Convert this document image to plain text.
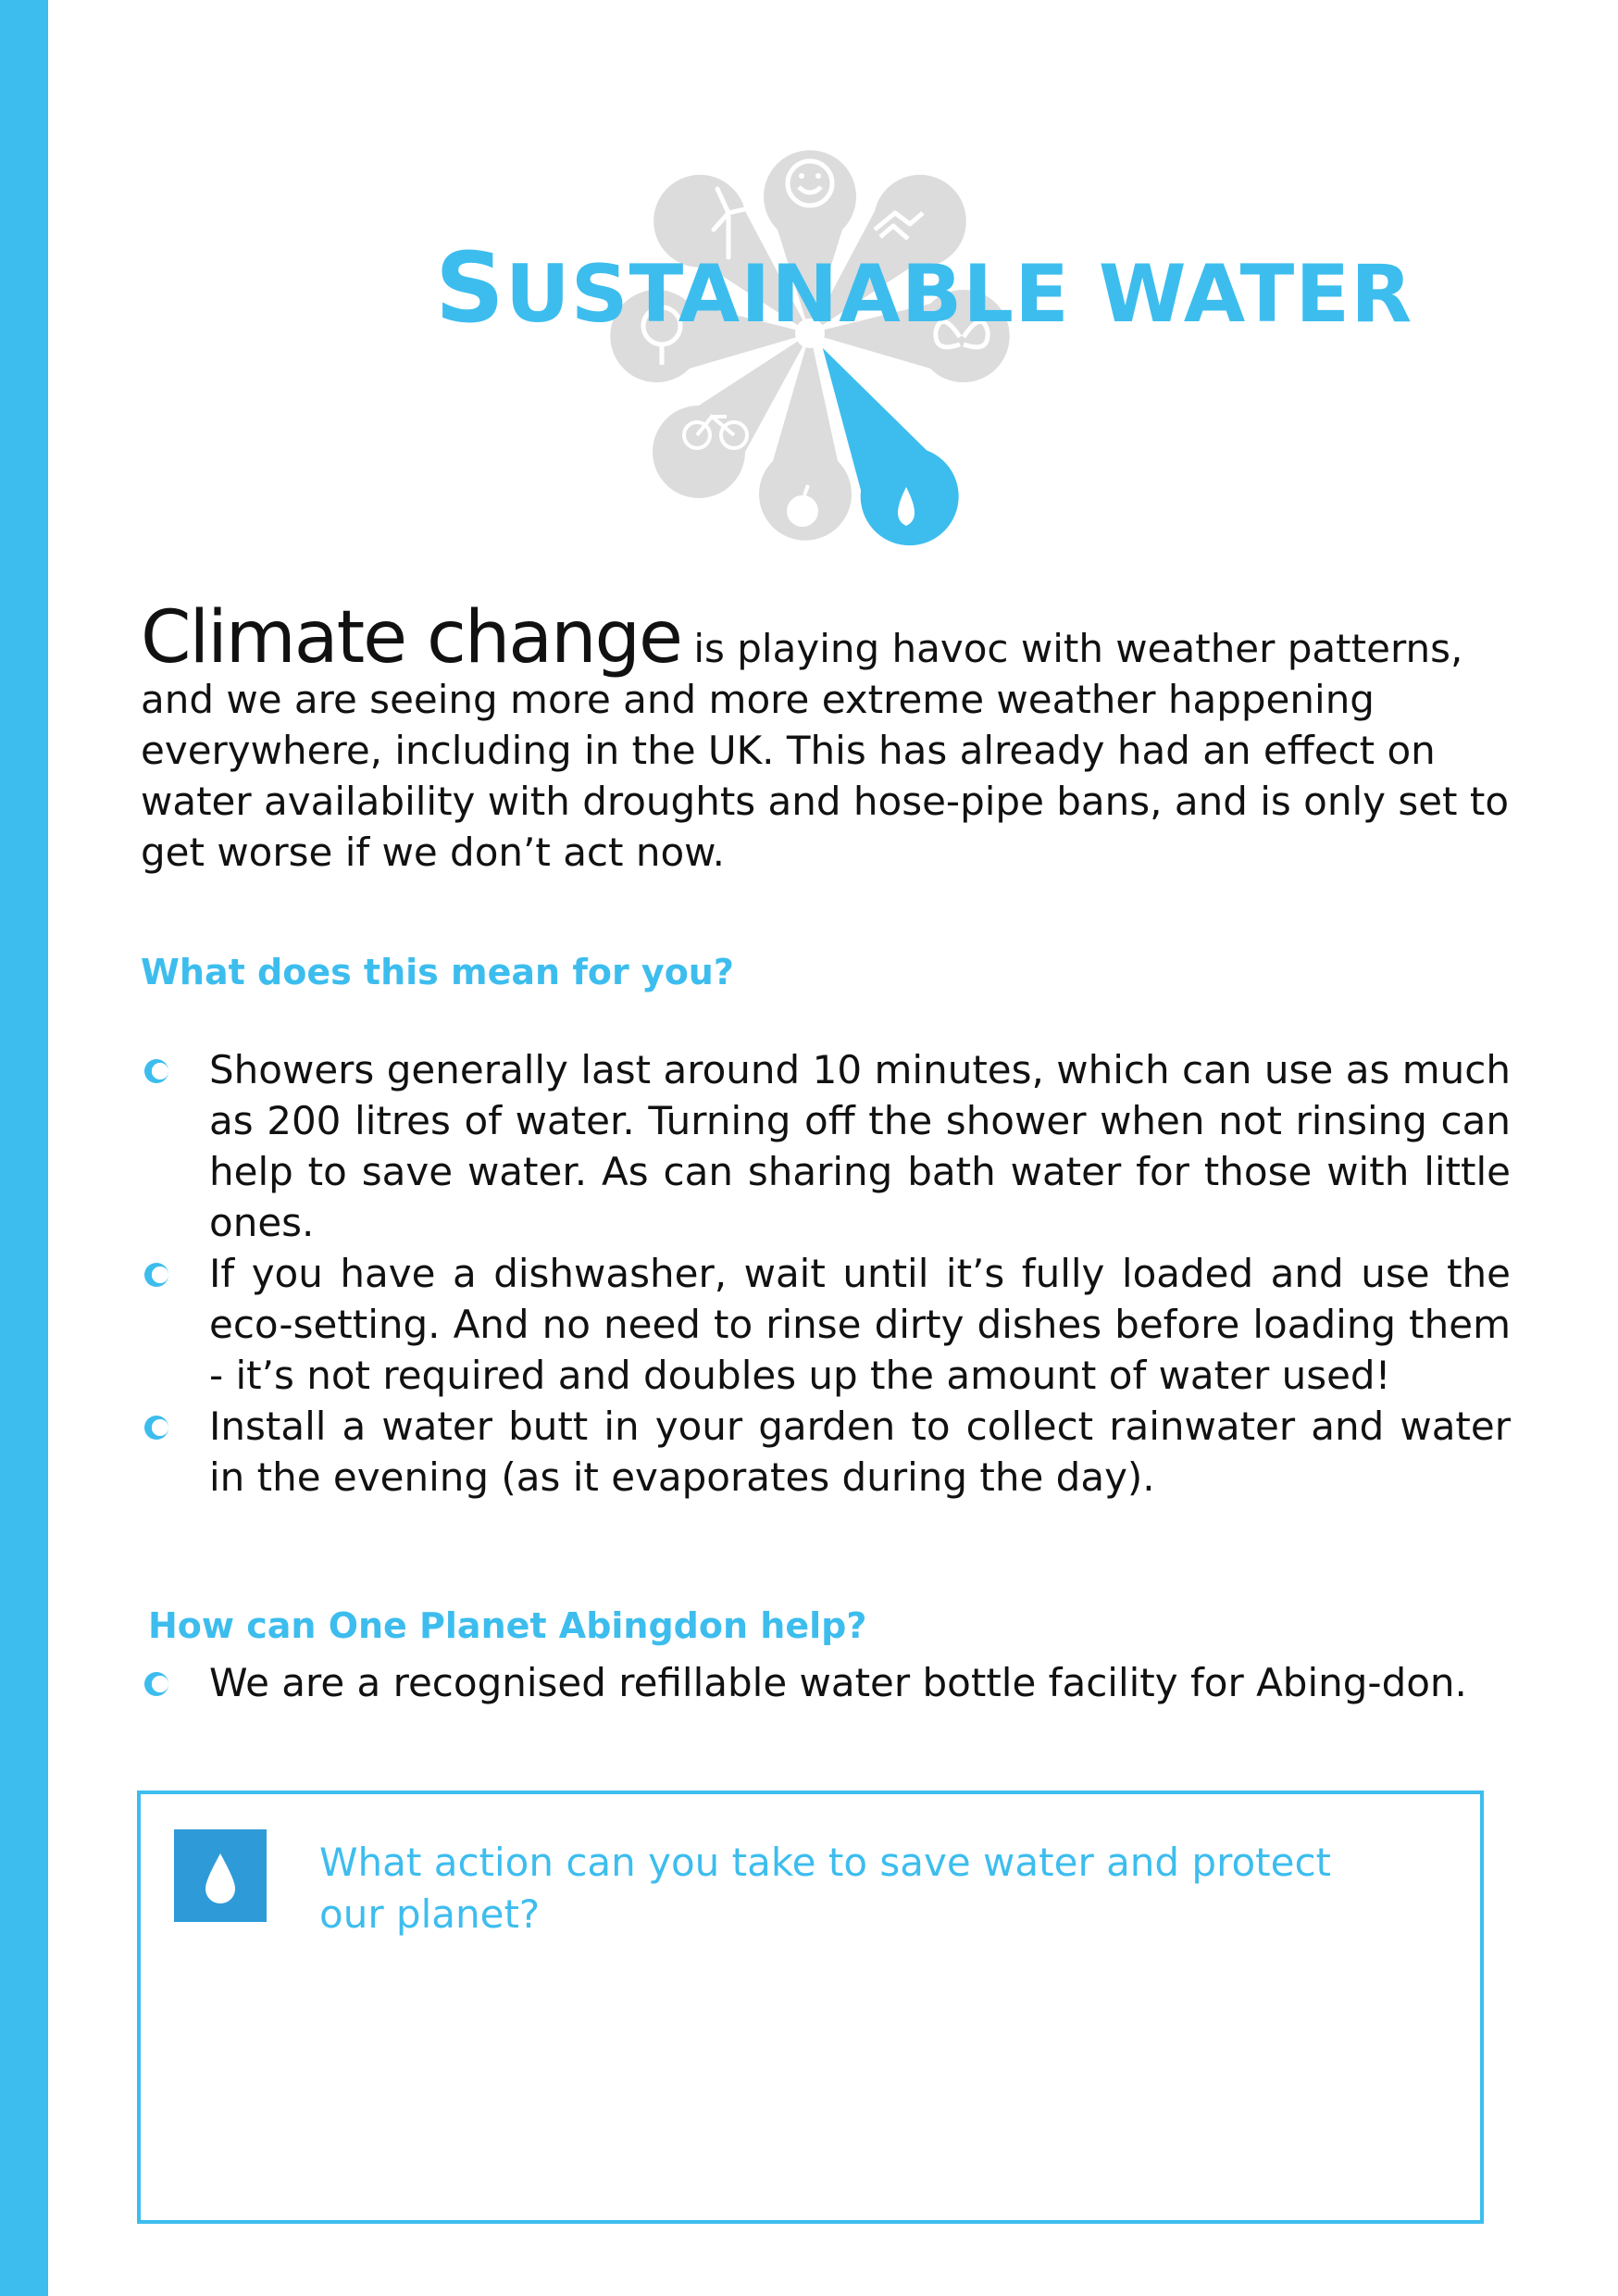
SUSTAINABLE WATER
Climate change is playing havoc with weather patterns, and we are seeing more and more extreme weather happening everywhere, including in the UK. This has already had an effect on water availability with droughts and hose-pipe bans, and is only set to get worse if we don’t act now.
What does this mean for you?
Showers generally last around 10 minutes, which can use as much as 200 litres of water. Turning off the shower when not rinsing can help to save water. As can sharing bath water for those with little ones.
If you have a dishwasher, wait until it’s fully loaded and use the eco-setting. And no need to rinse dirty dishes before loading them - it’s not required and doubles up the amount of water used!
Install a water butt in your garden to collect rainwater and water in the evening (as it evaporates during the day).
How can One Planet Abingdon help?
We are a recognised refillable water bottle facility for Abing-don.
What action can you take to save water and protect our planet?
